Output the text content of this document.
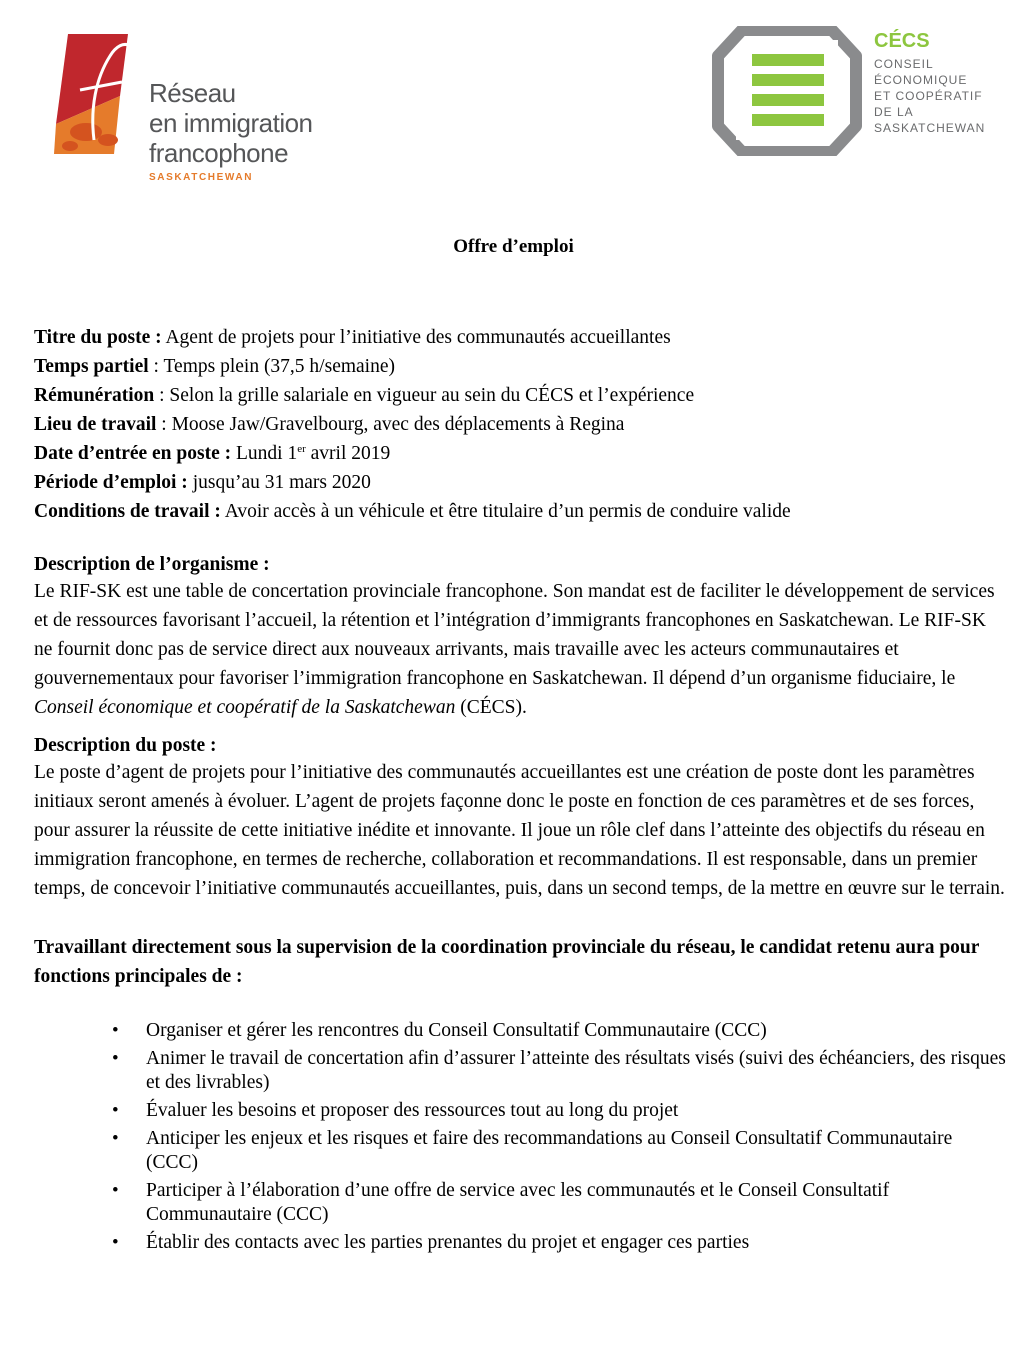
Réseau
en immigration
francophone
SASKATCHEWAN
CÉCS
CONSEIL
ÉCONOMIQUE
ET COOPÉRATIF
DE LA
SASKATCHEWAN
Offre d’emploi
Titre du poste : Agent de projets pour l’initiative des communautés accueillantes
Temps partiel : Temps plein (37,5 h/semaine)
Rémunération : Selon la grille salariale en vigueur au sein du CÉCS et l’expérience
Lieu de travail : Moose Jaw/Gravelbourg, avec des déplacements à Regina
Date d’entrée en poste : Lundi 1er avril 2019
Période d’emploi : jusqu’au 31 mars 2020
Conditions de travail : Avoir accès à un véhicule et être titulaire d’un permis de conduire valide
Description de l’organisme :
Le RIF-SK est une table de concertation provinciale francophone. Son mandat est de faciliter le développement de services et de ressources favorisant l’accueil, la rétention et l’intégration d’immigrants francophones en Saskatchewan. Le RIF-SK ne fournit donc pas de service direct aux nouveaux arrivants, mais travaille avec les acteurs communautaires et gouvernementaux pour favoriser l’immigration francophone en Saskatchewan. Il dépend d’un organisme fiduciaire, le Conseil économique et coopératif de la Saskatchewan (CÉCS).
Description du poste :
Le poste d’agent de projets pour l’initiative des communautés accueillantes est une création de poste dont les paramètres initiaux seront amenés à évoluer. L’agent de projets façonne donc le poste en fonction de ces paramètres et de ses forces, pour assurer la réussite de cette initiative inédite et innovante. Il joue un rôle clef dans l’atteinte des objectifs du réseau en immigration francophone, en termes de recherche, collaboration et recommandations. Il est responsable, dans un premier temps, de concevoir l’initiative communautés accueillantes, puis, dans un second temps, de la mettre en œuvre sur le terrain.
Travaillant directement sous la supervision de la coordination provinciale du réseau, le candidat retenu aura pour fonctions principales de :
• Organiser et gérer les rencontres du Conseil Consultatif Communautaire (CCC)
• Animer le travail de concertation afin d’assurer l’atteinte des résultats visés (suivi des échéanciers, des risques et des livrables)
• Évaluer les besoins et proposer des ressources tout au long du projet
• Anticiper les enjeux et les risques et faire des recommandations au Conseil Consultatif Communautaire (CCC)
• Participer à l’élaboration d’une offre de service avec les communautés et le Conseil Consultatif Communautaire (CCC)
• Établir des contacts avec les parties prenantes du projet et engager ces parties
